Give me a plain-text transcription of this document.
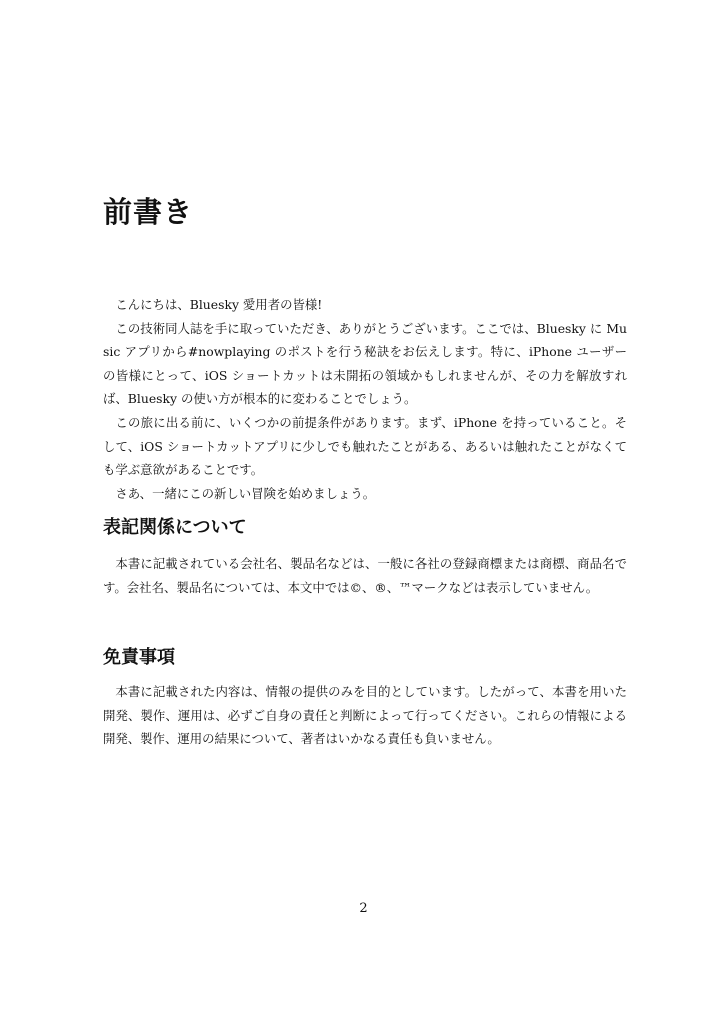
前書き

こんにちは、Bluesky 愛用者の皆様!

この技術同人誌を手に取っていただき、ありがとうございます。ここでは、Bluesky に Music アプリから#nowplaying のポストを行う秘訣をお伝えします。特に、iPhone ユーザーの皆様にとって、iOS ショートカットは未開拓の領域かもしれませんが、その力を解放すれば、Bluesky の使い方が根本的に変わることでしょう。

この旅に出る前に、いくつかの前提条件があります。まず、iPhone を持っていること。そして、iOS ショートカットアプリに少しでも触れたことがある、あるいは触れたことがなくても学ぶ意欲があることです。

さあ、一緒にこの新しい冒険を始めましょう。

表記関係について

本書に記載されている会社名、製品名などは、一般に各社の登録商標または商標、商品名です。会社名、製品名については、本文中では©、®、™マークなどは表示していません。

免責事項

本書に記載された内容は、情報の提供のみを目的としています。したがって、本書を用いた開発、製作、運用は、必ずご自身の責任と判断によって行ってください。これらの情報による開発、製作、運用の結果について、著者はいかなる責任も負いません。

2
